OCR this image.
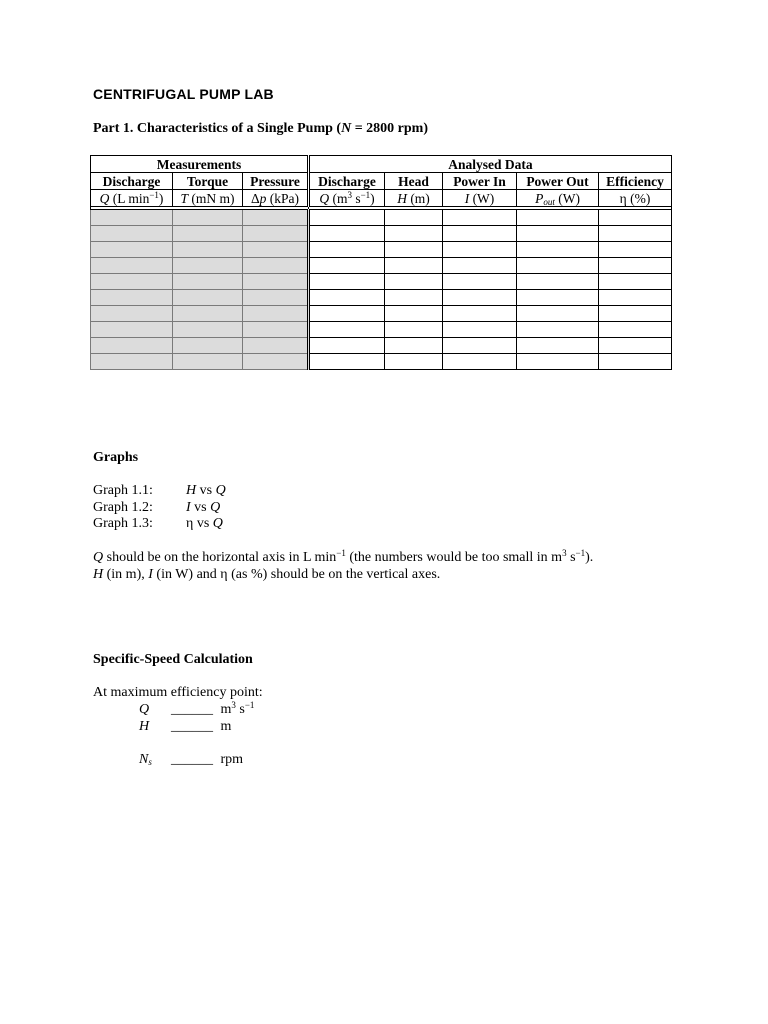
CENTRIFUGAL PUMP LAB
Part 1. Characteristics of a Single Pump (N = 2800 rpm)
Measurements			Analysed Data				
Discharge	Torque	Pressure	Discharge	Head	Power In	Power Out	Efficiency
Q (L $\min^{-1}$)	T (mN m)	Δp (kPa)	Q ($m^3$ $s^{-1}$)	H (m)	I (W)	$P_{out}$ (W)	η (%)

Graphs
Graph 1.1: H vs Q
Graph 1.2: I vs Q
Graph 1.3: η vs Q
Q should be on the horizontal axis in L $\min^{-1} (the$ numbers would be too small in $m^3$ $s^{-1}$).
H (in m), I (in W) and η (as %) should be on the vertical axes.
Specific-Speed Calculation
At maximum efficiency point:
Q ______ $m^3$ $s^{-1}$
H ______ m
$N_s$ ______ rpm
